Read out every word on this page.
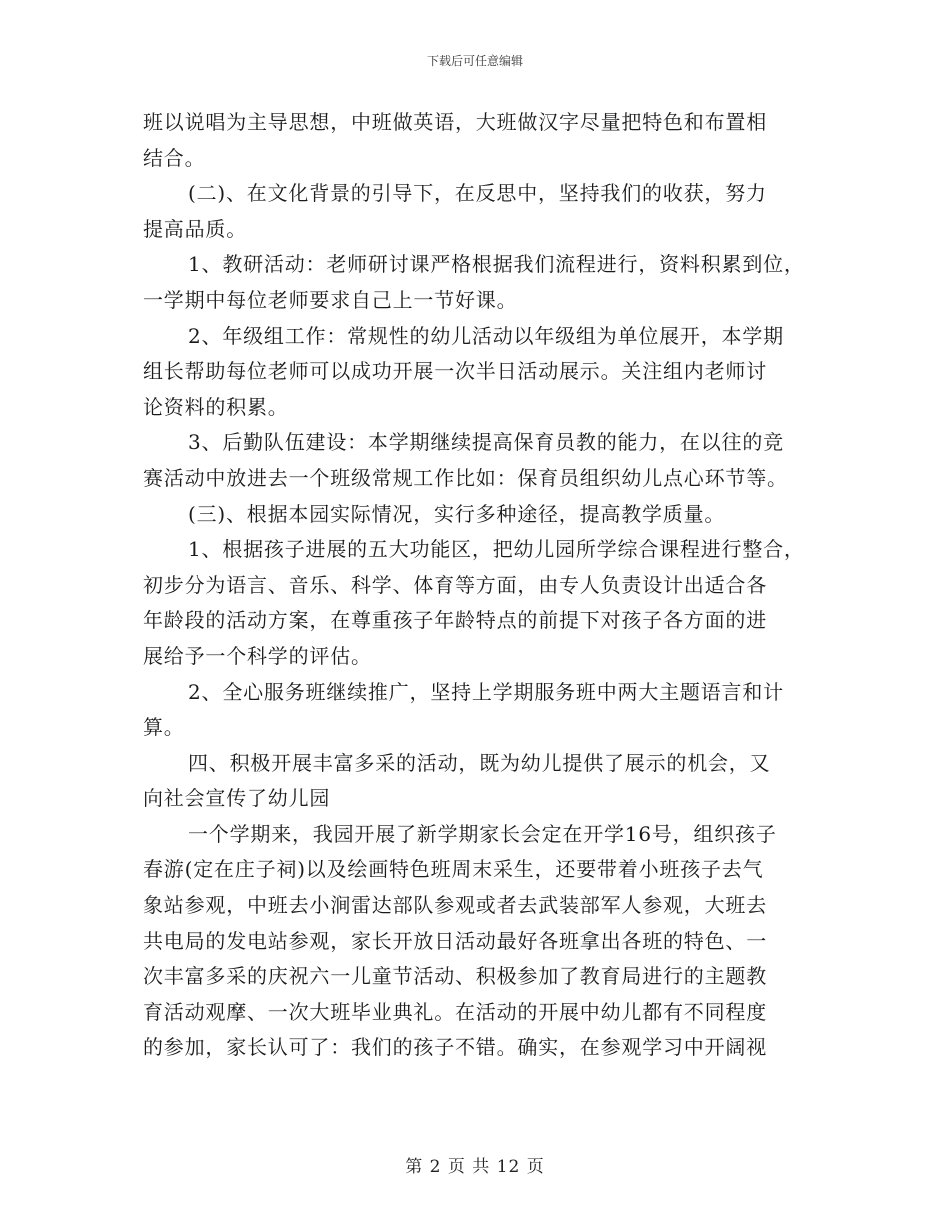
下载后可任意编辑
班以说唱为主导思想，中班做英语，大班做汉字尽量把特色和布置相
结合。
(二)、在文化背景的引导下，在反思中，坚持我们的收获，努力
提高品质。
1、教研活动：老师研讨课严格根据我们流程进行，资料积累到位，
一学期中每位老师要求自己上一节好课。
2、年级组工作：常规性的幼儿活动以年级组为单位展开，本学期
组长帮助每位老师可以成功开展一次半日活动展示。关注组内老师讨
论资料的积累。
3、后勤队伍建设：本学期继续提高保育员教的能力，在以往的竞
赛活动中放进去一个班级常规工作比如：保育员组织幼儿点心环节等。
(三)、根据本园实际情况，实行多种途径，提高教学质量。
1、根据孩子进展的五大功能区，把幼儿园所学综合课程进行整合，
初步分为语言、音乐、科学、体育等方面，由专人负责设计出适合各
年龄段的活动方案，在尊重孩子年龄特点的前提下对孩子各方面的进
展给予一个科学的评估。
2、全心服务班继续推广，坚持上学期服务班中两大主题语言和计
算。
四、积极开展丰富多采的活动，既为幼儿提供了展示的机会，又
向社会宣传了幼儿园
一个学期来，我园开展了新学期家长会定在开学16号，组织孩子
春游(定在庄子祠)以及绘画特色班周末采生，还要带着小班孩子去气
象站参观，中班去小涧雷达部队参观或者去武装部军人参观，大班去
共电局的发电站参观，家长开放日活动最好各班拿出各班的特色、一
次丰富多采的庆祝六一儿童节活动、积极参加了教育局进行的主题教
育活动观摩、一次大班毕业典礼。在活动的开展中幼儿都有不同程度
的参加，家长认可了：我们的孩子不错。确实，在参观学习中开阔视
第 2 页 共 12 页
